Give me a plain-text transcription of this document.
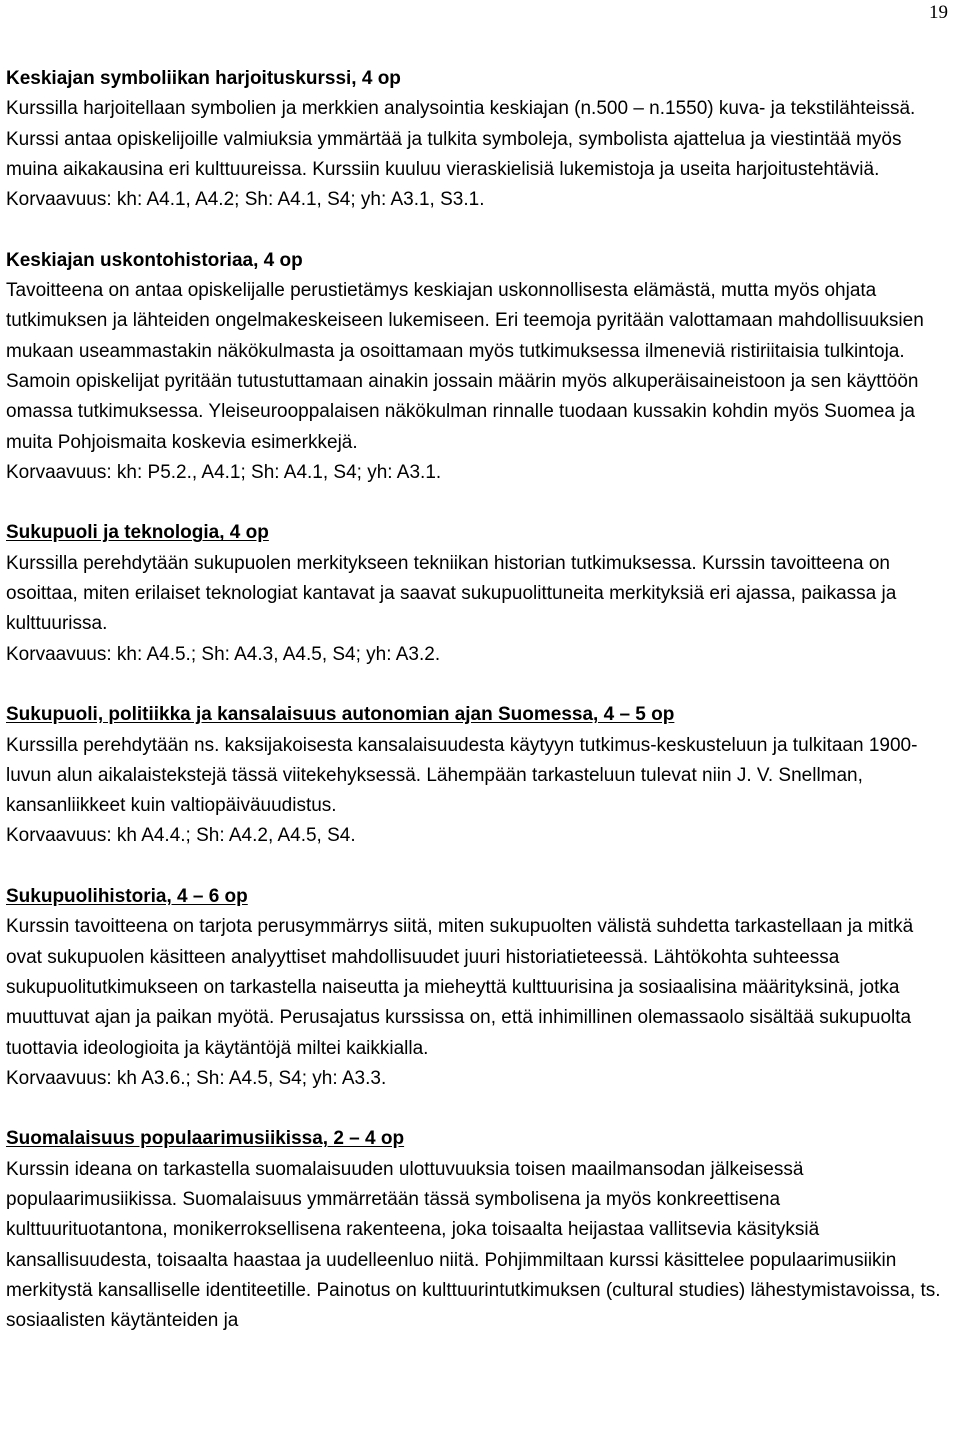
19
Keskiajan symboliikan harjoituskurssi, 4 op

Kurssilla harjoitellaan symbolien ja merkkien analysointia keskiajan (n.500 – n.1550) kuva- ja tekstilähteissä. Kurssi antaa opiskelijoille valmiuksia ymmärtää ja tulkita symboleja, symbolista ajattelua ja viestintää myös muina aikakausina eri kulttuureissa. Kurssiin kuuluu vieraskielisiä lukemistoja ja useita harjoitustehtäviä.

Korvaavuus: kh: A4.1, A4.2; Sh: A4.1, S4; yh: A3.1, S3.1.

Keskiajan uskontohistoriaa, 4 op

Tavoitteena on antaa opiskelijalle perustietämys keskiajan uskonnollisesta elämästä, mutta myös ohjata tutkimuksen ja lähteiden ongelmakeskeiseen lukemiseen. Eri teemoja pyritään valottamaan mahdollisuuksien mukaan useammastakin näkökulmasta ja osoittamaan myös tutkimuksessa ilmeneviä ristiriitaisia tulkintoja. Samoin opiskelijat pyritään tutustuttamaan ainakin jossain määrin myös alkuperäisaineistoon ja sen käyttöön omassa tutkimuksessa. Yleiseurooppalaisen näkökulman rinnalle tuodaan kussakin kohdin myös Suomea ja muita Pohjoismaita koskevia esimerkkejä.

Korvaavuus: kh: P5.2., A4.1; Sh: A4.1, S4; yh: A3.1.

Sukupuoli ja teknologia, 4 op

Kurssilla perehdytään sukupuolen merkitykseen tekniikan historian tutkimuksessa. Kurssin tavoitteena on osoittaa, miten erilaiset teknologiat kantavat ja saavat sukupuolittuneita merkityksiä eri ajassa, paikassa ja kulttuurissa.

Korvaavuus: kh: A4.5.; Sh: A4.3, A4.5, S4; yh: A3.2.

Sukupuoli, politiikka ja kansalaisuus autonomian ajan Suomessa, 4 – 5 op

Kurssilla perehdytään ns. kaksijakoisesta kansalaisuudesta käytyyn tutkimus-keskusteluun ja tulkitaan 1900-luvun alun aikalaistekstejä tässä viitekehyksessä. Lähempään tarkasteluun tulevat niin J. V. Snellman, kansanliikkeet kuin valtiopäiväuudistus.

Korvaavuus: kh A4.4.; Sh: A4.2, A4.5, S4.

Sukupuolihistoria, 4 – 6 op

Kurssin tavoitteena on tarjota perusymmärrys siitä, miten sukupuolten välistä suhdetta tarkastellaan ja mitkä ovat sukupuolen käsitteen analyyttiset mahdollisuudet juuri historiatieteessä. Lähtökohta suhteessa sukupuolitutkimukseen on tarkastella naiseutta ja mieheyttä kulttuurisina ja sosiaalisina määrityksinä, jotka muuttuvat ajan ja paikan myötä. Perusajatus kurssissa on, että inhimillinen olemassaolo sisältää sukupuolta tuottavia ideologioita ja käytäntöjä miltei kaikkialla.

Korvaavuus: kh A3.6.; Sh: A4.5, S4; yh: A3.3.

Suomalaisuus populaarimusiikissa, 2 – 4 op

Kurssin ideana on tarkastella suomalaisuuden ulottuvuuksia toisen maailmansodan jälkeisessä populaarimusiikissa. Suomalaisuus ymmärretään tässä symbolisena ja myös konkreettisena kulttuurituotantona, monikerroksellisena rakenteena, joka toisaalta heijastaa vallitsevia käsityksiä kansallisuudesta, toisaalta haastaa ja uudelleenluo niitä. Pohjimmiltaan kurssi käsittelee populaarimusiikin merkitystä kansalliselle identiteetille. Painotus on kulttuurintutkimuksen (cultural studies) lähestymistavoissa, ts. sosiaalisten käytänteiden ja
